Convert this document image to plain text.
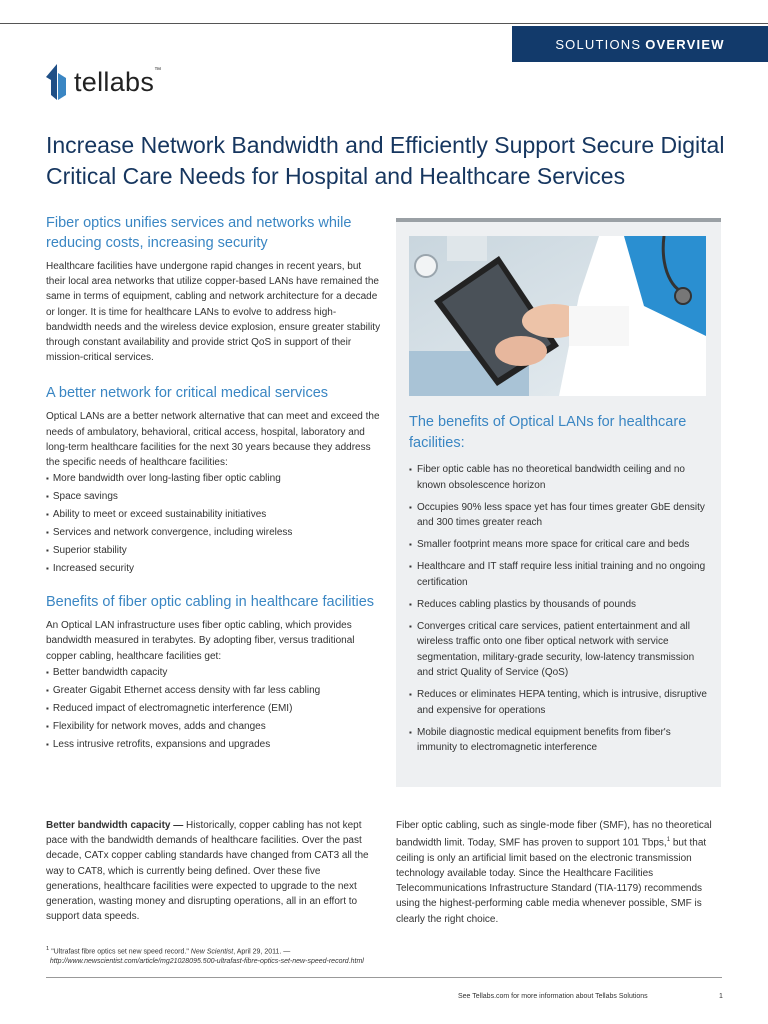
SOLUTIONS OVERVIEW
tellabs™
Increase Network Bandwidth and Efficiently Support Secure Digital Critical Care Needs for Hospital and Healthcare Services
Fiber optics unifies services and networks while reducing costs, increasing security

Healthcare facilities have undergone rapid changes in recent years, but their local area networks that utilize copper-based LANs have remained the same in terms of equipment, cabling and network architecture for a decade or longer. It is time for healthcare LANs to evolve to address high-bandwidth needs and the wireless device explosion, ensure greater stability through constant availability and provide strict QoS in support of their mission-critical services.

A better network for critical medical services

Optical LANs are a better network alternative that can meet and exceed the needs of ambulatory, behavioral, critical access, hospital, laboratory and long-term healthcare facilities for the next 30 years because they address the specific needs of healthcare facilities:

▪ More bandwidth over long-lasting fiber optic cabling
▪ Space savings
▪ Ability to meet or exceed sustainability initiatives
▪ Services and network convergence, including wireless
▪ Superior stability
▪ Increased security
Benefits of fiber optic cabling in healthcare facilities

An Optical LAN infrastructure uses fiber optic cabling, which provides bandwidth measured in terabytes. By adopting fiber, versus traditional copper cabling, healthcare facilities get:

▪ Better bandwidth capacity
▪ Greater Gigabit Ethernet access density with far less cabling
▪ Reduced impact of electromagnetic interference (EMI)
▪ Flexibility for network moves, adds and changes
▪ Less intrusive retrofits, expansions and upgrades
The benefits of Optical LANs for healthcare facilities:
▪ Fiber optic cable has no theoretical bandwidth ceiling and no known obsolescence horizon
▪ Occupies 90% less space yet has four times greater GbE density and 300 times greater reach
▪ Smaller footprint means more space for critical care and beds
▪ Healthcare and IT staff require less initial training and no ongoing certification
▪ Reduces cabling plastics by thousands of pounds
▪ Converges critical care services, patient entertainment and all wireless traffic onto one fiber optical network with service segmentation, military-grade security, low-latency transmission and strict Quality of Service (QoS)
▪ Reduces or eliminates HEPA tenting, which is intrusive, disruptive and expensive for operations
▪ Mobile diagnostic medical equipment benefits from fiber's immunity to electromagnetic interference
Better bandwidth capacity — Historically, copper cabling has not kept pace with the bandwidth demands of healthcare facilities. Over the past decade, CATx copper cabling standards have changed from CAT3 all the way to CAT8, which is currently being defined. Over these five generations, healthcare facilities were expected to upgrade to the next generation, wasting money and disrupting operations, all in an effort to support data speeds.
Fiber optic cabling, such as single-mode fiber (SMF), has no theoretical bandwidth limit. Today, SMF has proven to support 101 Tbps,$^1$ but that ceiling is only an artificial limit based on the electronic transmission technology available today. Since the Healthcare Facilities Telecommunications Infrastructure Standard (TIA-1179) recommends using the highest-performing cable media whenever possible, SMF is clearly the right choice.
$^1$ "Ultrafast fibre optics set new speed record." New Scientist, April 29, 2011. —
http://www.newscientist.com/article/mg21028095.500-ultrafast-fibre-optics-set-new-speed-record.html
See Tellabs.com for more information about Tellabs Solutions	1
